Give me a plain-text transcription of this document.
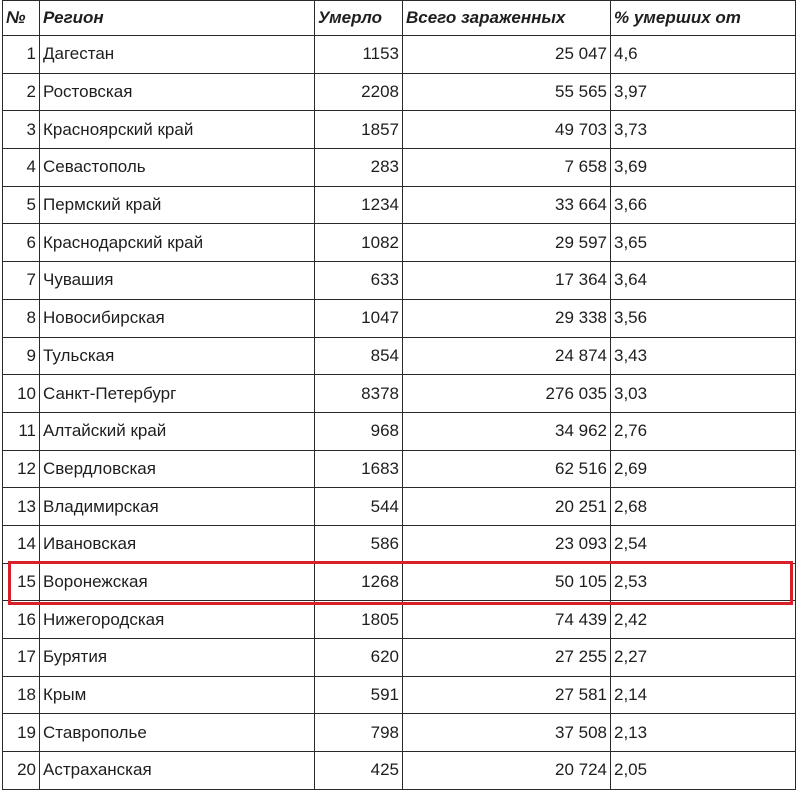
№	Регион	Умерло	Всего зараженных	% умерших от
1	Дагестан	1153	25 047	4,6
2	Ростовская	2208	55 565	3,97
3	Красноярский край	1857	49 703	3,73
4	Севастополь	283	7 658	3,69
5	Пермский край	1234	33 664	3,66
6	Краснодарский край	1082	29 597	3,65
7	Чувашия	633	17 364	3,64
8	Новосибирская	1047	29 338	3,56
9	Тульская	854	24 874	3,43
10	Санкт-Петербург	8378	276 035	3,03
11	Алтайский край	968	34 962	2,76
12	Свердловская	1683	62 516	2,69
13	Владимирская	544	20 251	2,68
14	Ивановская	586	23 093	2,54
15	Воронежская	1268	50 105	2,53
16	Нижегородская	1805	74 439	2,42
17	Бурятия	620	27 255	2,27
18	Крым	591	27 581	2,14
19	Ставрополье	798	37 508	2,13
20	Астраханская	425	20 724	2,05
